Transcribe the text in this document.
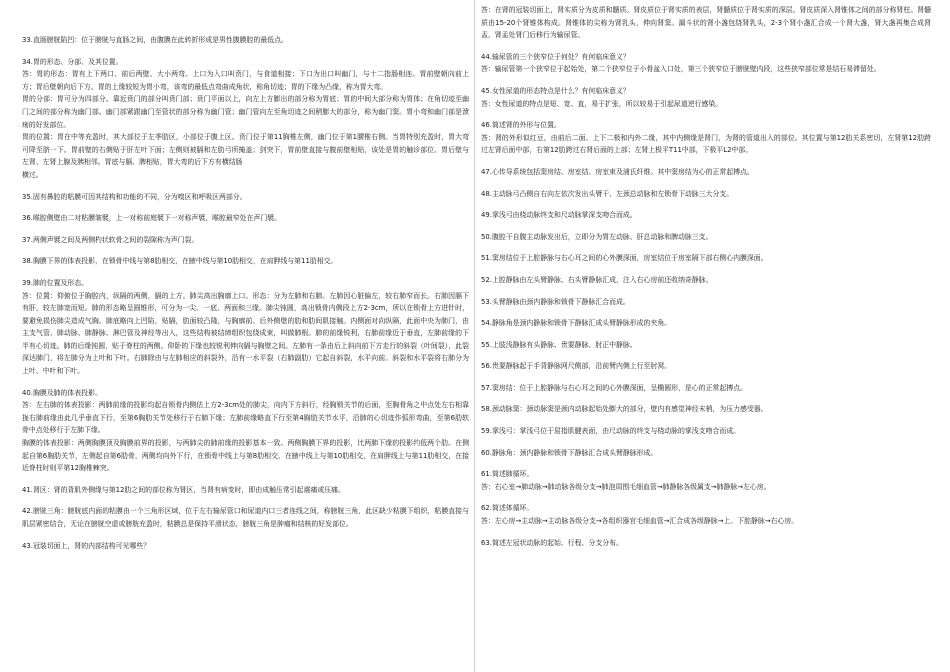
33.直肠膀胱陷凹：位于膀胱与直肠之间，由腹膜在此转折形成是男性腹膜腔的最低点。
34.胃的形态、分部、及其位置。
答：胃的形态：胃有上下两口、前后两壁、大小两弯。上口为入口叫贲门，与食道相接；下口为出口叫幽门，与十二指肠相连。胃前壁朝向前上方；胃后壁朝向后下方。胃的上缘较短为胃小弯，该弯的最低点弯曲成角状，称角切迹；胃的下缘为凸缘，称为胃大弯。
胃的分部：胃可分为四部分。靠近贲门的部分叫贲门部；贲门平面以上，向左上方膨出的部分称为胃底；胃的中间大部分称为胃体；在角切迹至幽门之间的部分称为幽门部。幽门部紧跟幽门至管状的部分称为幽门管；幽门管向左至角切迹之间稍膨大的部分，称为幽门窦。胃小弯和幽门部是溃疡的好发部位。
胃的位置：胃在中等充盈时，其大部位于左季肋区，小部位于腹上区。贲门位于第11胸椎左侧，幽门位于第1腰椎右侧。当胃特别充盈时，胃大弯可降至脐一下。胃前壁的右侧贴于肝左叶下面；左侧则被膈和左肋弓所掩盖；剑突下，胃前壁直接与腹前壁相贴，该处是胃的触诊部位。胃后壁与左肾、左肾上腺及胰相邻。胃底与膈、脾相贴，胃大弯的后下方有横结肠
横过。
35.固有鼻腔的粘膜可因其结构和功能的不同，分为嗅区和呼吸区两部分。
36.喉腔侧壁由二对粘膜皱襞，上一对称前庭襞下一对称声襞，喉腔最窄处在声门襞。
37.两侧声襞之间及两侧杓状软骨之间的裂隙称为声门裂。
38.胸膜下界的体表投影，在锁骨中线与第8肋相交，在腋中线与第10肋相交，在肩胛线与第11肋相交。
39.肺的位置及形态。
答：位置：仰俯位于胸腔内，纵隔的两侧，膈的上方。肺尖高出胸廓上口。形态：分为左肺和右肺。左肺因心脏偏左，较右肺窄而长。右肺因膈下有肝，较左肺宽而短。肺的形态略呈圆锥形，可分为一尖、一底、两面和三缘。肺尖钝圆，高出锁骨内侧段上方2-3cm，所以在锁骨上方进针时，要避免损伤肺尖造成气胸。肺底略向上凹陷，贴膈，肋面较凸隆，与胸廓前、后外侧壁的肋和肋间肌接触。内侧面对向纵隔，此面中央为肺门，由主支气管、肺动脉、肺静脉、淋巴管及神经等出入，这些结构被结缔组织包绕成束，叫做肺根。肺的前缘锐利，右肺前缘近于垂直，左肺前缘的下半有心切迹。肺的后缘钝圆，贴于脊柱的两侧。仰卧的下缘也较锐利伸向膈与胸壁之间。左肺有一条由后上斜向前下方走行的斜裂（叶间裂），此裂深达肺门，将左肺分为上叶和下叶。右肺除由与左肺相应的斜裂外，沿有一水平裂（右肺副肋）它起自斜裂，水平向前。斜裂和水平裂将右肺分为上叶、中叶和下叶。
40.胸膜及肺的体表投影。
答：左右肺的体表投影：两肺前缘的投影均起自锁骨内侧估上方2-3cm处的肺尖，向内下方斜行，经胸锁关节的后面，至胸骨角之中点处左右相靠拢右肺前缘由此几乎垂直下行，至第6胸肋关节处移行于右肺下缘；左肺前缘略直下行至第4胸肋关节水平，沿肺的心切迹作弧形弯曲，至第6肋软骨中点处移行于左肺下缘。
胸膜的体表投影：两侧胸膜顶及胸膜前界的投影，与两肺尖的肺前缘的投影基本一致。两侧胸膜下界的投影，比两肺下缘的投影约低两个肋。在侧起自第6胸肋关节，左侧起自第6肋骨，两侧均向外下行，在锁骨中线上与第8肋相交，在腋中线上与第10肋相交，在肩胛线上与第11肋相交，在接近脊柱时则平第12胸椎棘突。
41.肾区：肾的背肌外侧缘与第12肋之间的部位称为肾区，当肾有病变时，即由成触压常引起震痛或压痛。
42.膀胱三角：膀胱底内面的粘膜由一个三角形区域，位于左右输尿管口和尿道内口三者连线之间，称膀胱三角，此区缺少粘膜下组织，粘膜直接与肌层紧密结合，无论在膀胱空虚或膀胱充盈时，粘膜总是保持平滑状态，膀胱三角是肿瘤和结核的好发部位。
43.冠装切面上，肾的内部结构可见哪些？
答：在肾的冠装切面上，肾实质分为皮质和髓质。肾皮质位于肾实质的表层，肾髓质位于肾实质的深层。肾皮质深入肾锥体之间的部分称肾柱。肾髓质由15-20个肾锥体构成。肾锥体的尖称为肾乳头，伸向肾窦。漏斗状的肾小盏包绕肾乳头，2-3个肾小盏汇合成一个肾大盏，肾大盏再集合成肾盂，肾盂处肾门后移行为输尿管。
44.输尿管的三个狭窄位于何处？有何临床意义？
答：输尿管第一个狭窄位于起始处，第二个狭窄位于小骨盆入口处，第三个狭窄位于膀胱壁内段，这些狭窄部位常是结石易滞留处。
45.女性尿道的形态特点是什么？有何临床意义？
答：女性尿道的特点是短、宽、直，易于扩张，所以较易于引起尿道逆行感染。
46.简述肾的外形与位置。
答：肾的外形似红豆，由前后二面、上下二极和内外二缘，其中内侧缘是肾门，为肾的管道出入的部位。其位置与第12肋关系密切，左肾第12肋跨过左肾后面中部，右第12肋跨过右肾后面的上部；左肾上极平T11中部，下极平L2中部。
47.心传导系统包括窦房结、房室结、房室束及浦氏纤维。其中窦房结为心的正常起搏点。
48.主动脉弓凸侧自右向左依次发出头臂干、左颈总动脉和左锁骨下动脉三大分支。
49.掌浅弓由桡动脉终支和尺动脉掌深支吻合而成。
50.腹腔干自腹主动脉发出后，立即分为胃左动脉、肝总动脉和脾动脉三支。
51.窦房结位于上腔静脉与右心耳之间的心外膜深面，房室结位于房室隔下部右侧心内膜深面。
52.上腔静脉由左头臂静脉、右头臂静脉汇成，注入右心房前还收纳奇静脉。
53.头臂静脉由颈内静脉和锁骨下静脉汇合而成。
54.静脉角是颈内静脉和锁骨下静脉汇成头臂静脉形成的夹角。
55.上肢浅静脉有头静脉、贵要静脉、肘正中静脉。
56.贵要静脉起于手背静脉网尺侧部，沿前臂内侧上行至肘窝。
57.窦房结：位于上腔静脉与右心耳之间的心外膜深面，呈椭圆形，是心的正常起搏点。
58.颈动脉窦：颈动脉窦是颈内动脉起始处膨大的部分，壁内有感觉神经末梢，为压力感受器。
59.掌浅弓：掌浅弓位于屈指肌腱表面，由尺动脉的终支与桡动脉的掌浅支吻合而成。
60.静脉角：颈内静脉和锁骨下静脉汇合成头臂静脉形成。
61.简述肺循环。
答：右心室→肺动脉→肺动脉各级分支→肺泡周围毛细血管→肺静脉各级属支→肺静脉→左心房。
62.简述体循环。
答：左心房→主动脉→主动脉各级分支→各组织器官毛细血管→汇合成各级静脉→上、下腔静脉→右心房。
63.简述左冠状动脉的起始、行程、分支分布。
